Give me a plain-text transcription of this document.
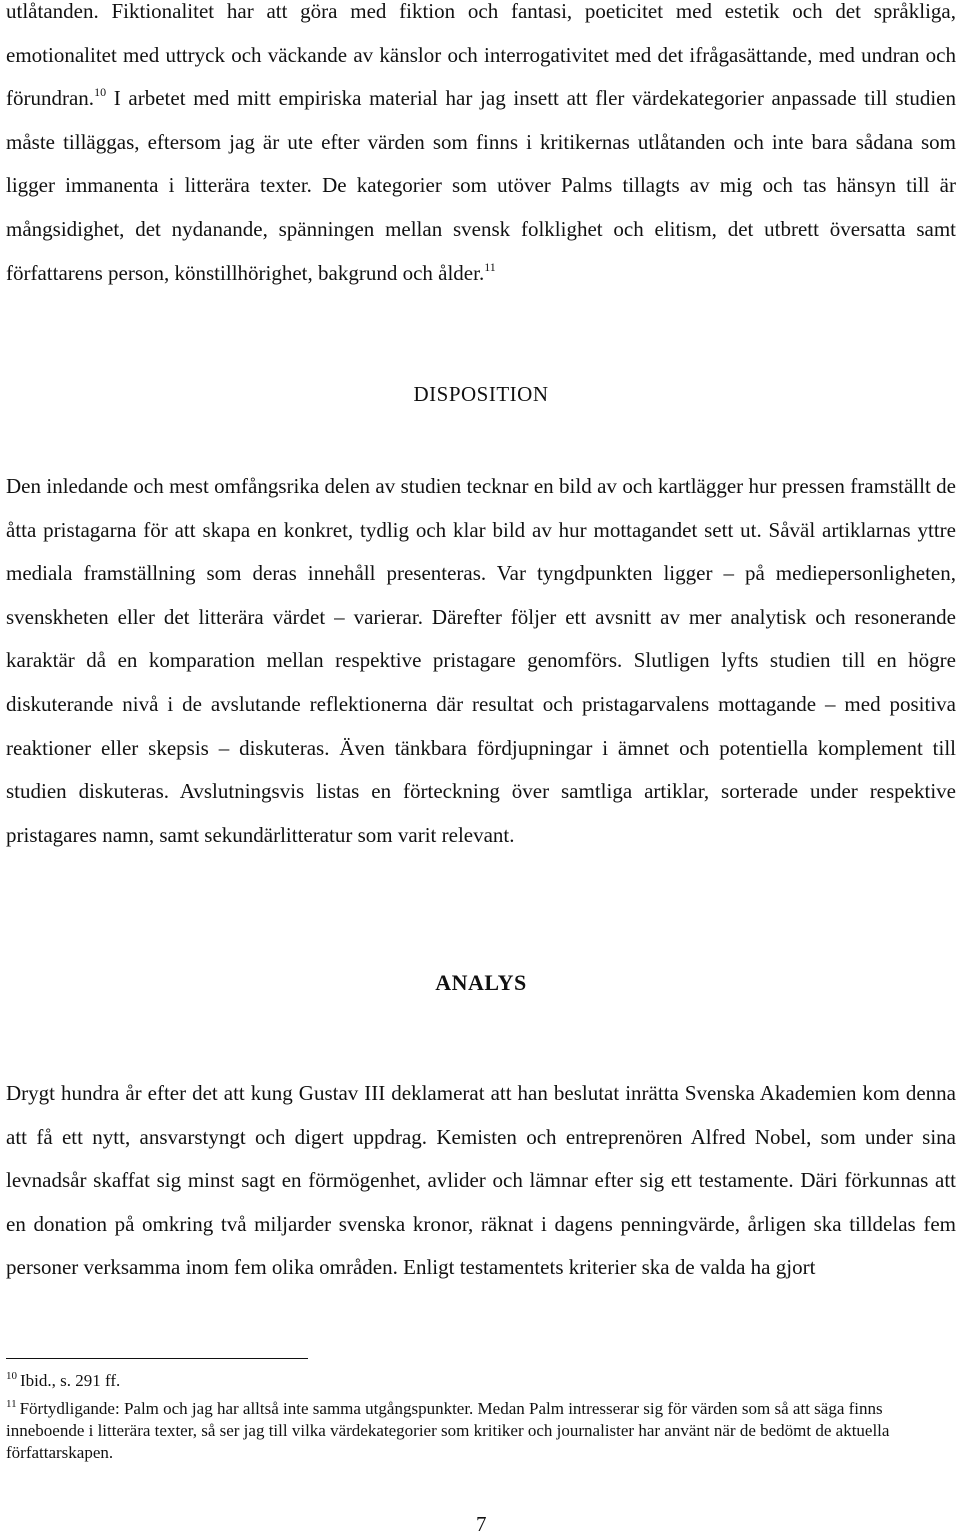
utlåtanden. Fiktionalitet har att göra med fiktion och fantasi, poeticitet med estetik och det språkliga, emotionalitet med uttryck och väckande av känslor och interrogativitet med det ifrågasättande, med undran och förundran.$^{10}$ I arbetet med mitt empiriska material har jag insett att fler värdekategorier anpassade till studien måste tilläggas, eftersom jag är ute efter värden som finns i kritikernas utlåtanden och inte bara sådana som ligger immanenta i litterära texter. De kategorier som utöver Palms tillagts av mig och tas hänsyn till är mångsidighet, det nydanande, spänningen mellan svensk folklighet och elitism, det utbrett översatta samt författarens person, könstillhörighet, bakgrund och ålder.$^{11}$

DISPOSITION

Den inledande och mest omfångsrika delen av studien tecknar en bild av och kartlägger hur pressen framställt de åtta pristagarna för att skapa en konkret, tydlig och klar bild av hur mottagandet sett ut. Såväl artiklarnas yttre mediala framställning som deras innehåll presenteras. Var tyngdpunkten ligger – på mediepersonligheten, svenskheten eller det litterära värdet – varierar. Därefter följer ett avsnitt av mer analytisk och resonerande karaktär då en komparation mellan respektive pristagare genomförs. Slutligen lyfts studien till en högre diskuterande nivå i de avslutande reflektionerna där resultat och pristagarvalens mottagande – med positiva reaktioner eller skepsis – diskuteras. Även tänkbara fördjupningar i ämnet och potentiella komplement till studien diskuteras. Avslutningsvis listas en förteckning över samtliga artiklar, sorterade under respektive pristagares namn, samt sekundärlitteratur som varit relevant.

ANALYS

Drygt hundra år efter det att kung Gustav III deklamerat att han beslutat inrätta Svenska Akademien kom denna att få ett nytt, ansvarstyngt och digert uppdrag. Kemisten och entreprenören Alfred Nobel, som under sina levnadsår skaffat sig minst sagt en förmögenhet, avlider och lämnar efter sig ett testamente. Däri förkunnas att en donation på omkring två miljarder svenska kronor, räknat i dagens penningvärde, årligen ska tilldelas fem personer verksamma inom fem olika områden. Enligt testamentets kriterier ska de valda ha gjort

$^{10}$ Ibid., s. 291 ff.

$^{11}$ Förtydligande: Palm och jag har alltså inte samma utgångspunkter. Medan Palm intresserar sig för värden som så att säga finns inneboende i litterära texter, så ser jag till vilka värdekategorier som kritiker och journalister har använt när de bedömt de aktuella författarskapen.

7
